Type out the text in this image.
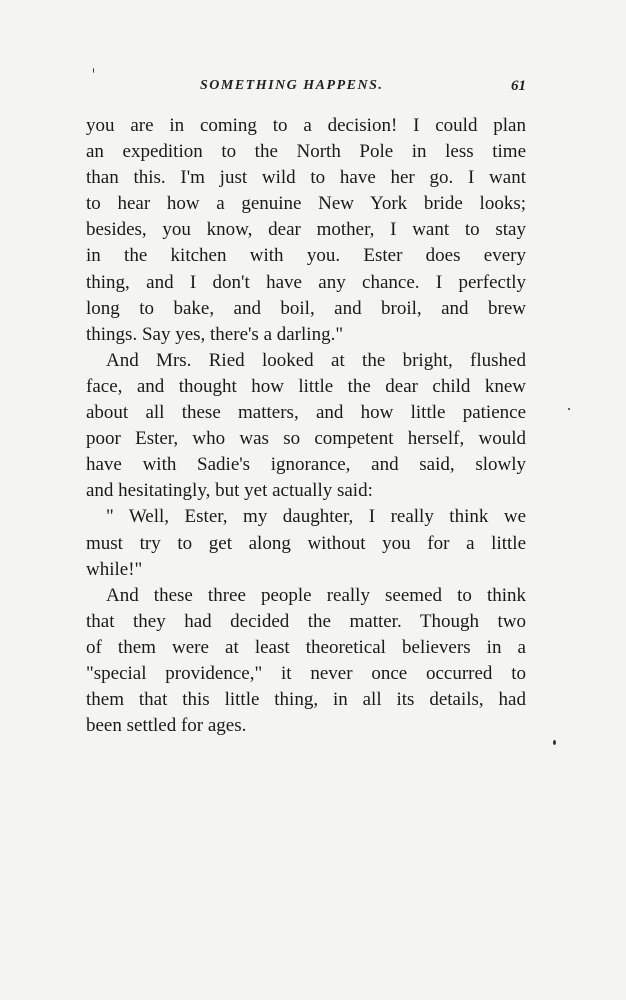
SOMETHING HAPPENS.	61
you are in coming to a decision! I could plan
an expedition to the North Pole in less time
than this. I'm just wild to have her go. I want
to hear how a genuine New York bride looks;
besides, you know, dear mother, I want to stay
in the kitchen with you. Ester does every
thing, and I don't have any chance. I perfectly
long to bake, and boil, and broil, and brew
things. Say yes, there's a darling."
And Mrs. Ried looked at the bright, flushed
face, and thought how little the dear child knew
about all these matters, and how little patience
poor Ester, who was so competent herself, would
have with Sadie's ignorance, and said, slowly
and hesitatingly, but yet actually said:
" Well, Ester, my daughter, I really think we
must try to get along without you for a little
while!"
And these three people really seemed to think
that they had decided the matter. Though two
of them were at least theoretical believers in a
"special providence," it never once occurred to
them that this little thing, in all its details, had
been settled for ages.
